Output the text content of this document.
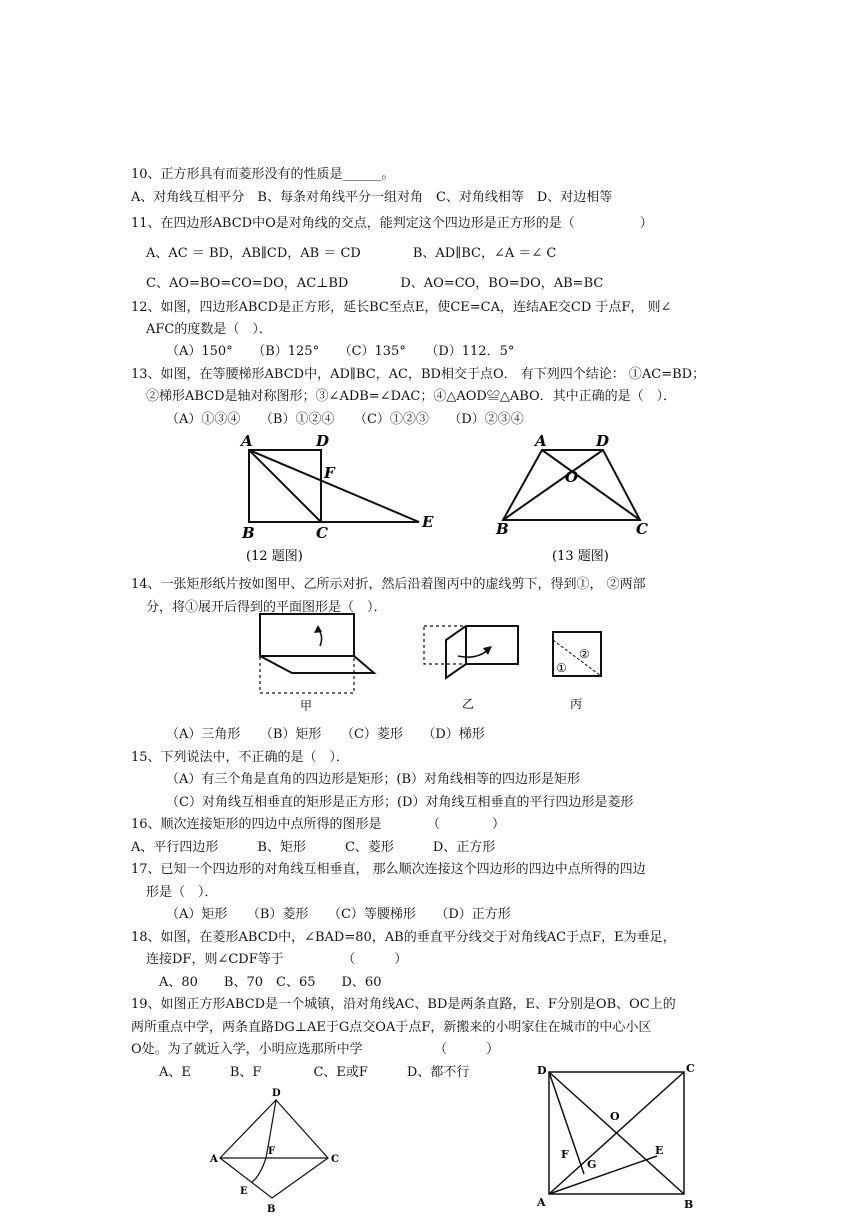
10、正方形具有而菱形没有的性质是______。
A、对角线互相平分　B、每条对角线平分一组对角　C、对角线相等　D、对边相等
11、在四边形ABCD中O是对角线的交点，能判定这个四边形是正方形的是（　　　　　）
A、AC ＝ BD，AB∥CD，AB ＝ CD　　　　B、AD∥BC，∠A ＝∠ C
C、AO=BO=CO=DO，AC⊥BD　　　　D、AO=CO，BO=DO，AB=BC
12、如图，四边形ABCD是正方形，延长BC至点E，使CE=CA，连结AE交CD 于点F， 则∠
AFC的度数是（　）．
（A）150°　　（B）125°　　（C）135°　　（D）112．5°
13、如图，在等腰梯形ABCD中，AD∥BC，AC，BD相交于点O． 有下列四个结论： ①AC=BD；
②梯形ABCD是轴对称图形；③∠ADB=∠DAC；④△AOD≌△ABO．其中正确的是（　）．
（A）①③④　　（B）①②④　　（C）①②③　　（D）②③④
A	D
F
B	C
E
(12 题图)
A	D
O
B	C
(13 题图)
14、一张矩形纸片按如图甲、乙所示对折，然后沿着图丙中的虚线剪下，得到①， ②两部
分，将①展开后得到的平面图形是（　）．
甲	乙
②
①
丙
（A）三角形　　（B）矩形　　（C）菱形　　（D）梯形
15、下列说法中，不正确的是（　）．
（A）有三个角是直角的四边形是矩形；(B）对角线相等的四边形是矩形
（C）对角线互相垂直的矩形是正方形；(D）对角线互相垂直的平行四边形是菱形
16、顺次连接矩形的四边中点所得的图形是　　　　（　　　　）
A、平行四边形　　　B、矩形　　　C、菱形　　　D、正方形
17、已知一个四边形的对角线互相垂直， 那么顺次连接这个四边形的四边中点所得的四边
形是（　）．
（A）矩形　　（B）菱形　　（C）等腰梯形　　（D）正方形
18、如图，在菱形ABCD中，∠BAD=80，AB的垂直平分线交于对角线AC于点F，E为垂足，
连接DF，则∠CDF等于　　　　　（　　　）
A、80　　B、70　C、65　　D、60
19、如图正方形ABCD是一个城镇，沿对角线AC、BD是两条直路，E、F分别是OB、OC上的
两所重点中学，两条直路DG⊥AE于G点交OA于点F，新搬来的小明家住在城市的中心小区
O处。为了就近入学，小明应选那所中学　　　　　　（　　　）
A、E　　　B、F　　　　C、E或F　　　D、都不行
D
A	C
F
E
B
D	C
O
F
G
E
A	B
